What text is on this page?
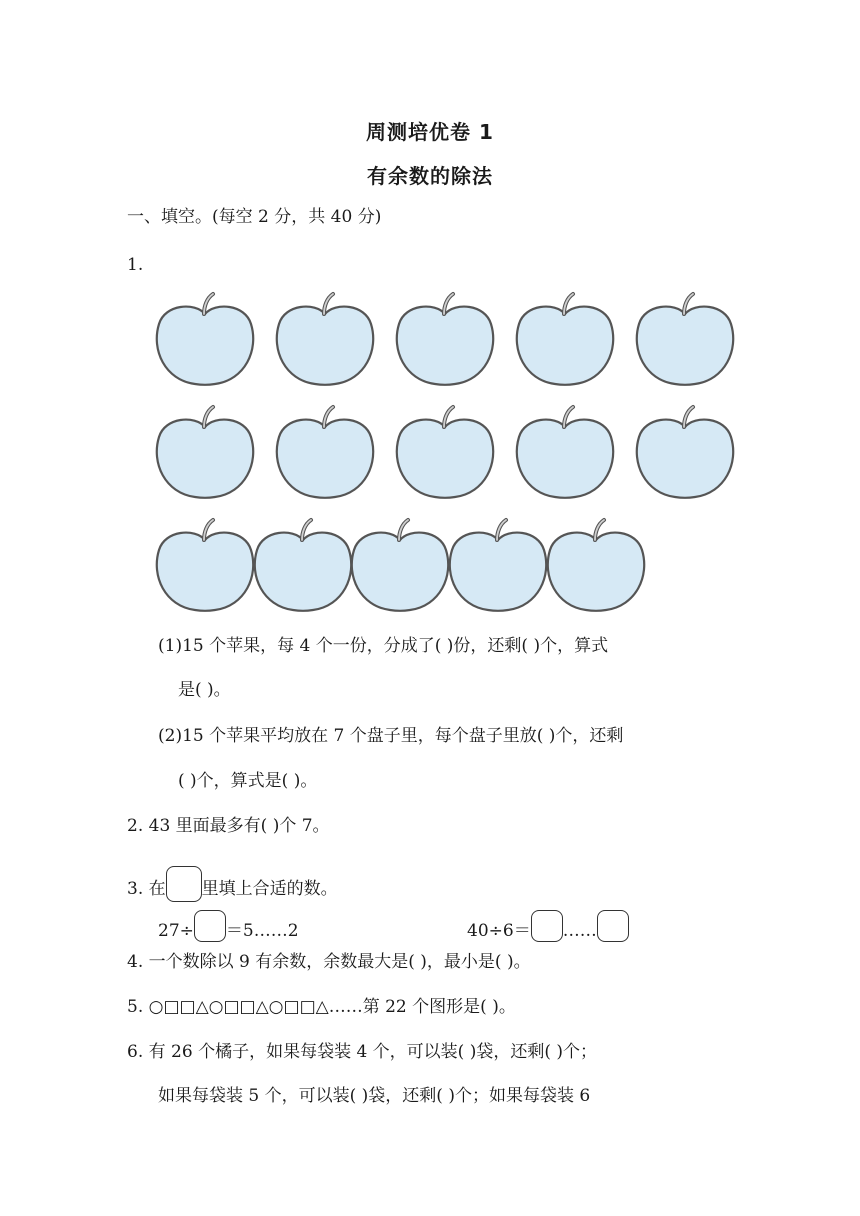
周测培优卷 1
有余数的除法
一、填空。(每空 2 分，共 40 分)
1.
(1)15 个苹果，每 4 个一份，分成了( )份，还剩( )个，算式
是( )。
(2)15 个苹果平均放在 7 个盘子里，每个盘子里放( )个，还剩
( )个，算式是( )。
2. 43 里面最多有( )个 7。
3. 在 里填上合适的数。
27÷ ＝5……2	40÷6＝ ……
4. 一个数除以 9 有余数，余数最大是( )，最小是( )。
5. ○□□△○□□△○□□△……第 22 个图形是( )。
6. 有 26 个橘子，如果每袋装 4 个，可以装( )袋，还剩( )个；
如果每袋装 5 个，可以装( )袋，还剩( )个；如果每袋装 6
